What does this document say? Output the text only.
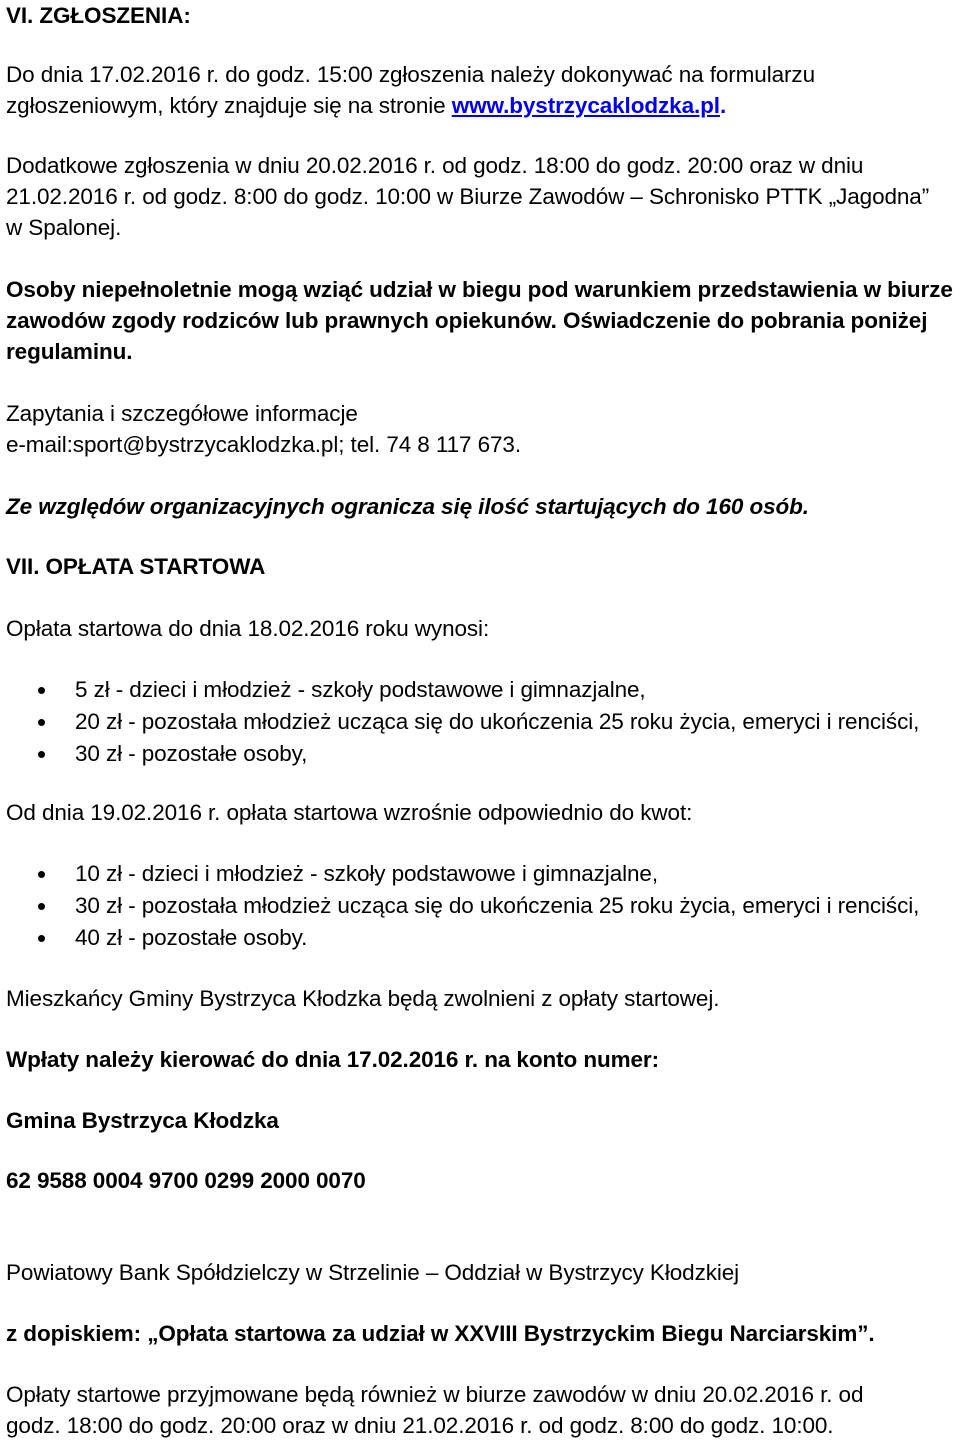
VI. ZGŁOSZENIA:

Do dnia 17.02.2016 r. do godz. 15:00 zgłoszenia należy dokonywać na formularzu

zgłoszeniowym, który znajduje się na stronie www.bystrzycaklodzka.pl.

Dodatkowe zgłoszenia w dniu 20.02.2016 r. od godz. 18:00 do godz. 20:00 oraz w dniu

21.02.2016 r. od godz. 8:00 do godz. 10:00 w Biurze Zawodów – Schronisko PTTK „Jagodna”

w Spalonej.

Osoby niepełnoletnie mogą wziąć udział w biegu pod warunkiem przedstawienia w biurze

zawodów zgody rodziców lub prawnych opiekunów. Oświadczenie do pobrania poniżej

regulaminu.

Zapytania i szczegółowe informacje

e-mail:sport@bystrzycaklodzka.pl; tel. 74 8 117 673.

Ze względów organizacyjnych ogranicza się ilość startujących do 160 osób.

VII. OPŁATA STARTOWA

Opłata startowa do dnia 18.02.2016 roku wynosi:

5 zł - dzieci i młodzież - szkoły podstawowe i gimnazjalne,
20 zł - pozostała młodzież ucząca się do ukończenia 25 roku życia, emeryci i renciści,
30 zł - pozostałe osoby,

Od dnia 19.02.2016 r. opłata startowa wzrośnie odpowiednio do kwot:

10 zł - dzieci i młodzież - szkoły podstawowe i gimnazjalne,
30 zł - pozostała młodzież ucząca się do ukończenia 25 roku życia, emeryci i renciści,
40 zł - pozostałe osoby.

Mieszkańcy Gminy Bystrzyca Kłodzka będą zwolnieni z opłaty startowej.

Wpłaty należy kierować do dnia 17.02.2016 r. na konto numer:

Gmina Bystrzyca Kłodzka

62 9588 0004 9700 0299 2000 0070

Powiatowy Bank Spółdzielczy w Strzelinie – Oddział w Bystrzycy Kłodzkiej

z dopiskiem: „Opłata startowa za udział w XXVIII Bystrzyckim Biegu Narciarskim”.

Opłaty startowe przyjmowane będą również w biurze zawodów w dniu 20.02.2016 r. od

godz. 18:00 do godz. 20:00 oraz w dniu 21.02.2016 r. od godz. 8:00 do godz. 10:00.
